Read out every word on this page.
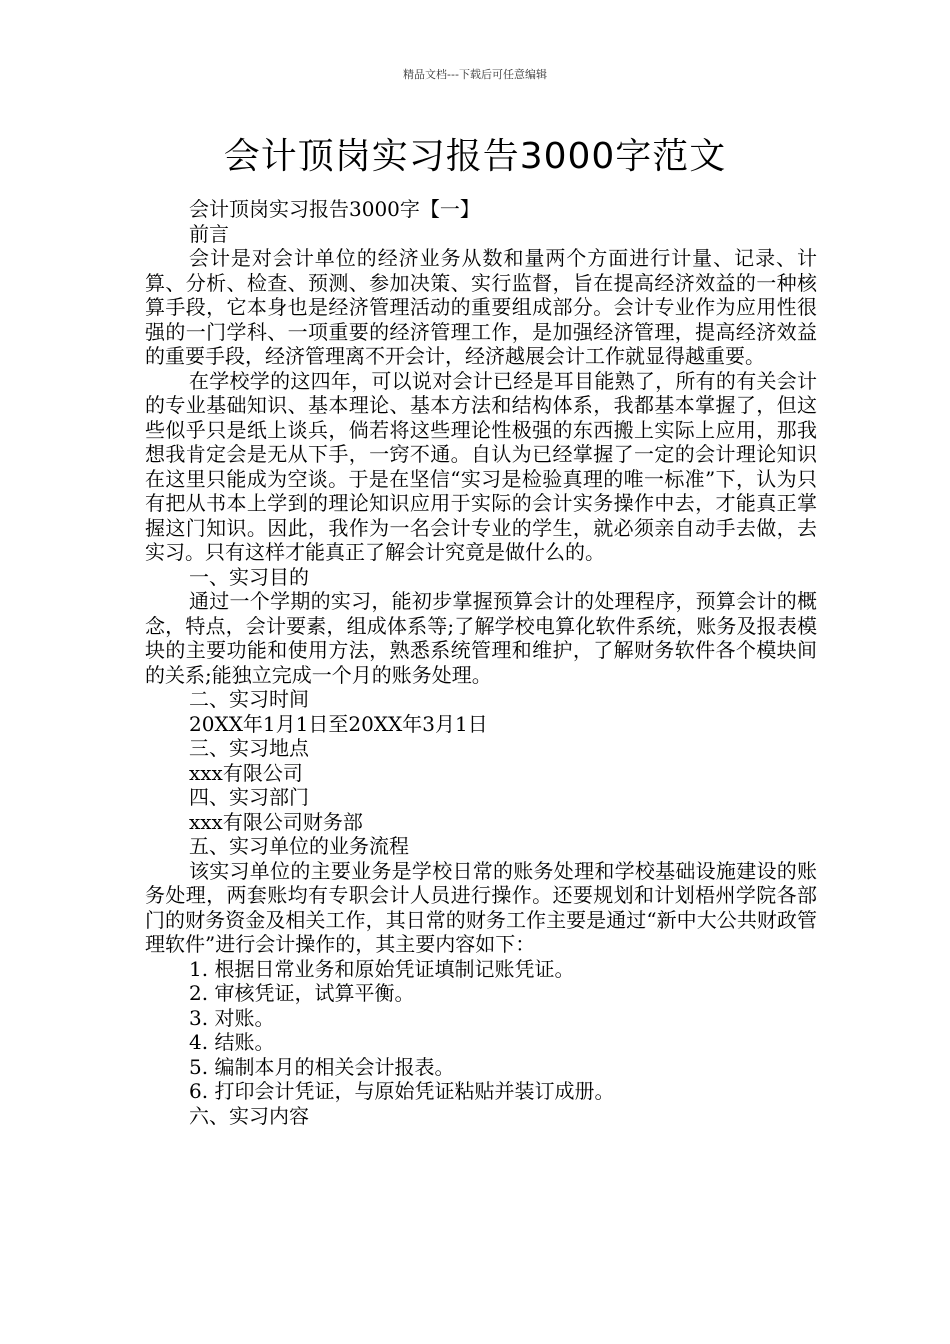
精品文档---下载后可任意编辑
会计顶岗实习报告3000字范文

会计顶岗实习报告3000字【一】

前言

会计是对会计单位的经济业务从数和量两个方面进行计量、记录、计算、分析、检查、预测、参加决策、实行监督，旨在提高经济效益的一种核算手段，它本身也是经济管理活动的重要组成部分。会计专业作为应用性很强的一门学科、一项重要的经济管理工作，是加强经济管理，提高经济效益的重要手段，经济管理离不开会计，经济越展会计工作就显得越重要。

在学校学的这四年，可以说对会计已经是耳目能熟了，所有的有关会计的专业基础知识、基本理论、基本方法和结构体系，我都基本掌握了，但这些似乎只是纸上谈兵，倘若将这些理论性极强的东西搬上实际上应用，那我想我肯定会是无从下手，一窍不通。自认为已经掌握了一定的会计理论知识在这里只能成为空谈。于是在坚信“实习是检验真理的唯一标准”下，认为只有把从书本上学到的理论知识应用于实际的会计实务操作中去，才能真正掌握这门知识。因此，我作为一名会计专业的学生，就必须亲自动手去做，去实习。只有这样才能真正了解会计究竟是做什么的。

一、实习目的

通过一个学期的实习，能初步掌握预算会计的处理程序，预算会计的概念，特点，会计要素，组成体系等;了解学校电算化软件系统，账务及报表模块的主要功能和使用方法，熟悉系统管理和维护，了解财务软件各个模块间的关系;能独立完成一个月的账务处理。

二、实习时间

20XX年1月1日至20XX年3月1日

三、实习地点

xxx有限公司

四、实习部门

xxx有限公司财务部

五、实习单位的业务流程

该实习单位的主要业务是学校日常的账务处理和学校基础设施建设的账务处理，两套账均有专职会计人员进行操作。还要规划和计划梧州学院各部门的财务资金及相关工作，其日常的财务工作主要是通过“新中大公共财政管理软件”进行会计操作的，其主要内容如下：

1. 根据日常业务和原始凭证填制记账凭证。

2. 审核凭证，试算平衡。

3. 对账。

4. 结账。

5. 编制本月的相关会计报表。

6. 打印会计凭证，与原始凭证粘贴并装订成册。

六、实习内容
